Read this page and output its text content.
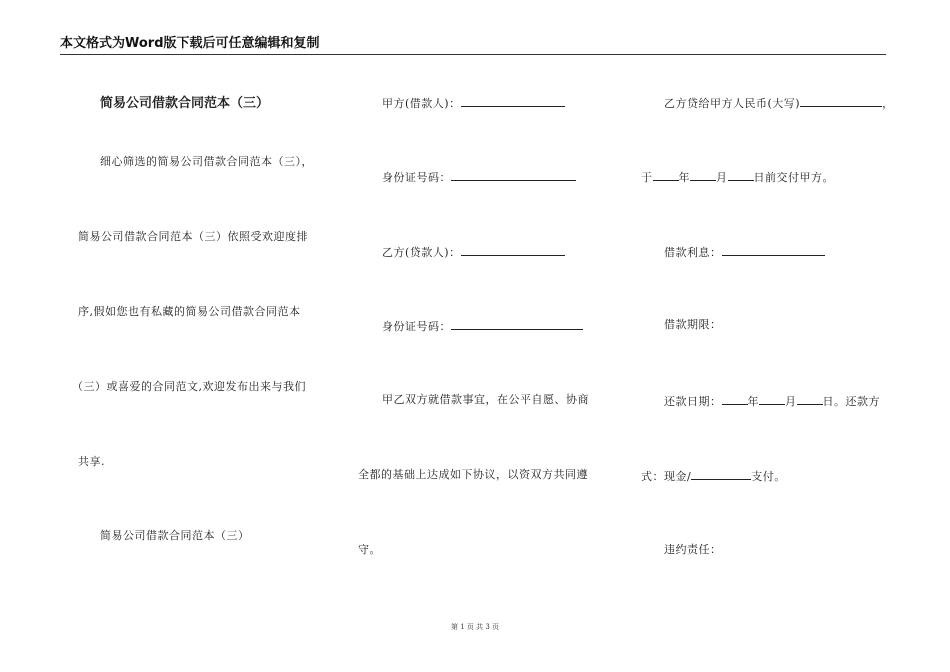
本文格式为Word版下载后可任意编辑和复制
简易公司借款合同范本（三）
细心筛选的简易公司借款合同范本（三），
简易公司借款合同范本（三）依照受欢迎度排
序,假如您也有私藏的简易公司借款合同范本
（三）或喜爱的合同范文,欢迎发布出来与我们
共享.
简易公司借款合同范本（三）
甲方(借款人)：
身份证号码：
乙方(贷款人)：
身份证号码：
甲乙双方就借款事宜，在公平自愿、协商
全都的基础上达成如下协议，以资双方共同遵
守。
乙方贷给甲方人民币(大写)	，
于 年 月 日前交付甲方。
借款利息：
借款期限：
还款日期： 年 月 日。还款方
式：现金/	支付。
违约责任：
第 1 页 共 3 页
